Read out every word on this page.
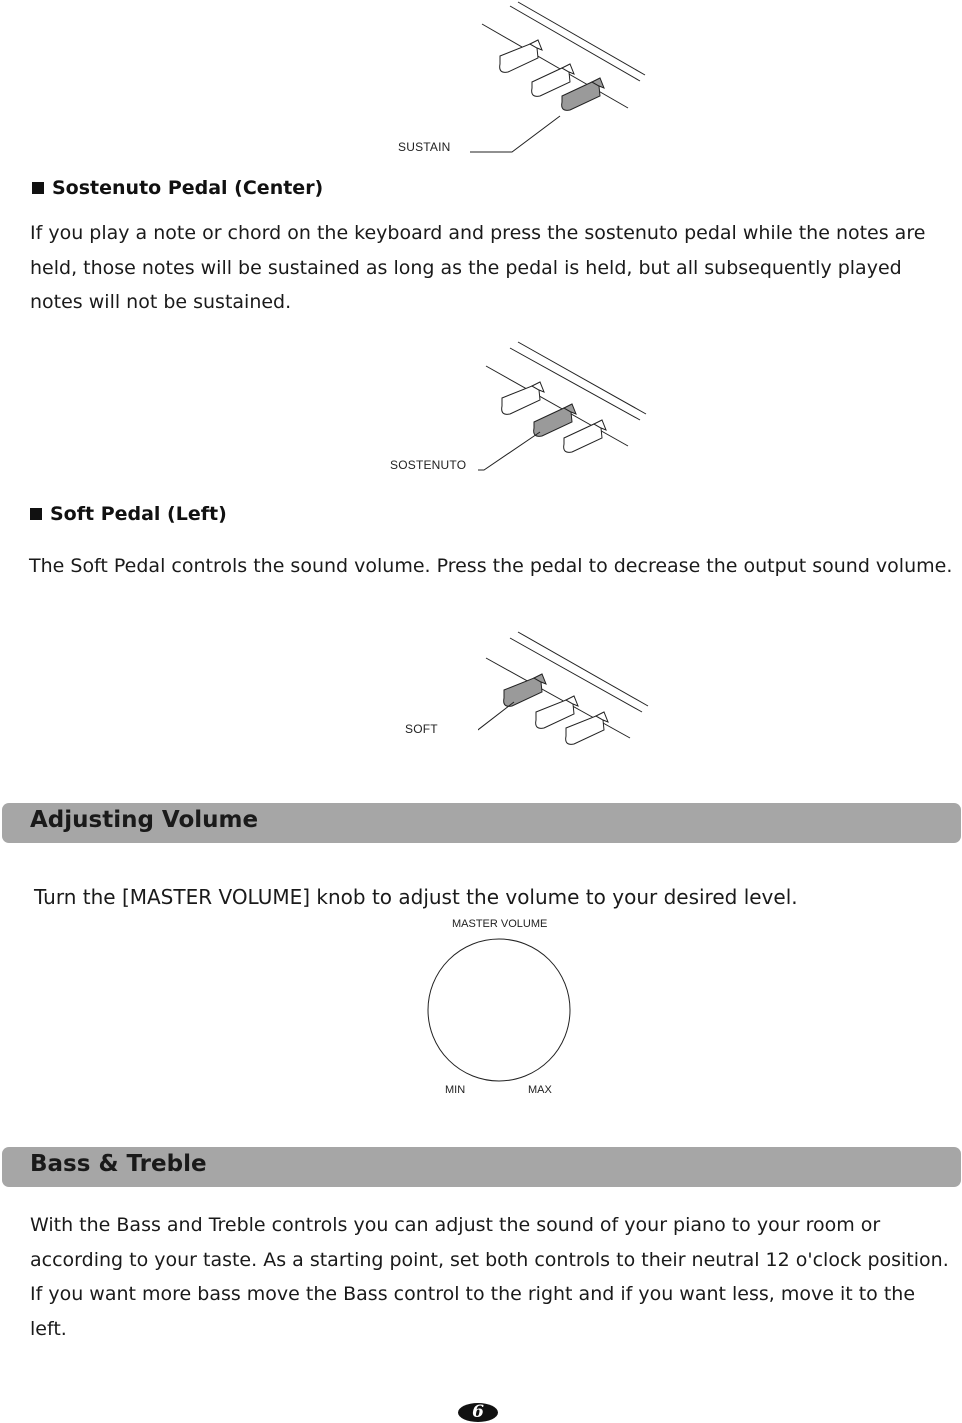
SUSTAIN
Sostenuto Pedal (Center)

If you play a note or chord on the keyboard and press the sostenuto pedal while the notes are held, those notes will be sustained as long as the pedal is held, but all subsequently played notes will not be sustained.

SOSTENUTO
Soft Pedal (Left)

The Soft Pedal controls the sound volume. Press the pedal to decrease the output sound volume.

SOFT
Adjusting Volume

Turn the [MASTER VOLUME] knob to adjust the volume to your desired level.

MASTER VOLUME
MIN	MAX
Bass & Treble

With the Bass and Treble controls you can adjust the sound of your piano to your room or according to your taste. As a starting point, set both controls to their neutral 12 o'clock position. If you want more bass move the Bass control to the right and if you want less, move it to the left.

6
